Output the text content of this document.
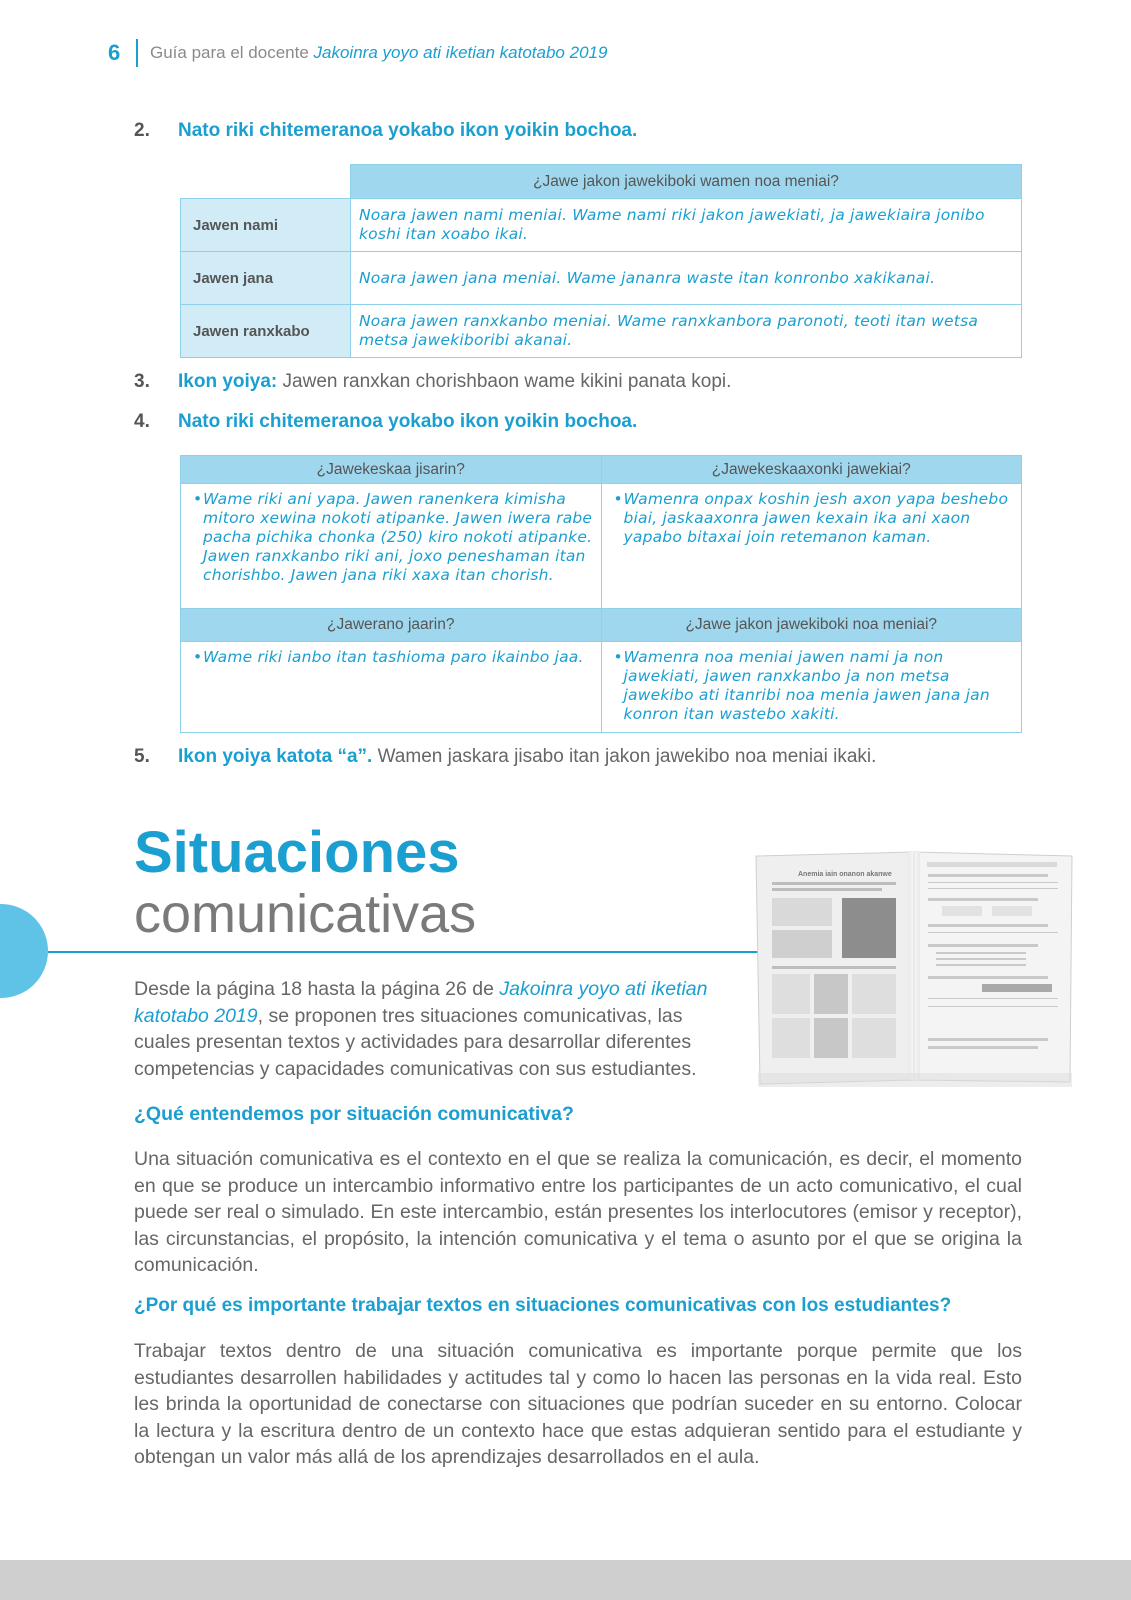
6	Guía para el docente Jakoinra yoyo ati iketian katotabo 2019
2.	Nato riki chitemeranoa yokabo ikon yoikin bochoa.
	¿Jawe jakon jawekiboki wamen noa meniai?
Jawen nami	Noara jawen nami meniai. Wame nami riki jakon jawekiati, ja jawekiaira jonibo koshi itan xoabo ikai.
Jawen jana	Noara jawen jana meniai. Wame jananra waste itan konronbo xakikanai.
Jawen ranxkabo	Noara jawen ranxkanbo meniai. Wame ranxkanbora paronoti, teoti itan wetsa metsa jawekiboribi akanai.
3.	Ikon yoiya: Jawen ranxkan chorishbaon wame kikini panata kopi.
4.	Nato riki chitemeranoa yokabo ikon yoikin bochoa.
¿Jawekeskaa jisarin?	¿Jawekeskaaxonki jawekiai?

• Wame riki ani yapa. Jawen ranenkera kimisha mitoro xewina nokoti atipanke. Jawen iwera rabe pacha pichika chonka (250) kiro nokoti atipanke. Jawen ranxkanbo riki ani, joxo peneshaman itan chorishbo. Jawen jana riki xaxa itan chorish.	• Wamenra onpax koshin jesh axon yapa beshebo biai, jaskaaxonra jawen kexain ika ani xaon yapabo bitaxai join retemanon kaman.

¿Jawerano jaarin?	¿Jawe jakon jawekiboki noa meniai?

• Wame riki ianbo itan tashioma paro ikainbo jaa.	• Wamenra noa meniai jawen nami ja non jawekiati, jawen ranxkanbo ja non metsa jawekibo ati itanribi noa menia jawen jana jan konron itan wastebo xakiti.
5.	Ikon yoiya katota “a”. Wamen jaskara jisabo itan jakon jawekibo noa meniai ikaki.
Situaciones
comunicativas
Anemia iain onanon akanwe
Desde la página 18 hasta la página 26 de Jakoinra yoyo ati iketian katotabo 2019, se proponen tres situaciones comunicativas, las cuales presentan textos y actividades para desarrollar diferentes competencias y capacidades comunicativas con sus estudiantes.
¿Qué entendemos por situación comunicativa?
Una situación comunicativa es el contexto en el que se realiza la comunicación, es decir, el momento en que se produce un intercambio informativo entre los participantes de un acto comunicativo, el cual puede ser real o simulado. En este intercambio, están presentes los interlocutores (emisor y receptor), las circunstancias, el propósito, la intención comunicativa y el tema o asunto por el que se origina la comunicación.
¿Por qué es importante trabajar textos en situaciones comunicativas con los estudiantes?
Trabajar textos dentro de una situación comunicativa es importante porque permite que los estudiantes desarrollen habilidades y actitudes tal y como lo hacen las personas en la vida real. Esto les brinda la oportunidad de conectarse con situaciones que podrían suceder en su entorno. Colocar la lectura y la escritura dentro de un contexto hace que estas adquieran sentido para el estudiante y obtengan un valor más allá de los aprendizajes desarrollados en el aula.
